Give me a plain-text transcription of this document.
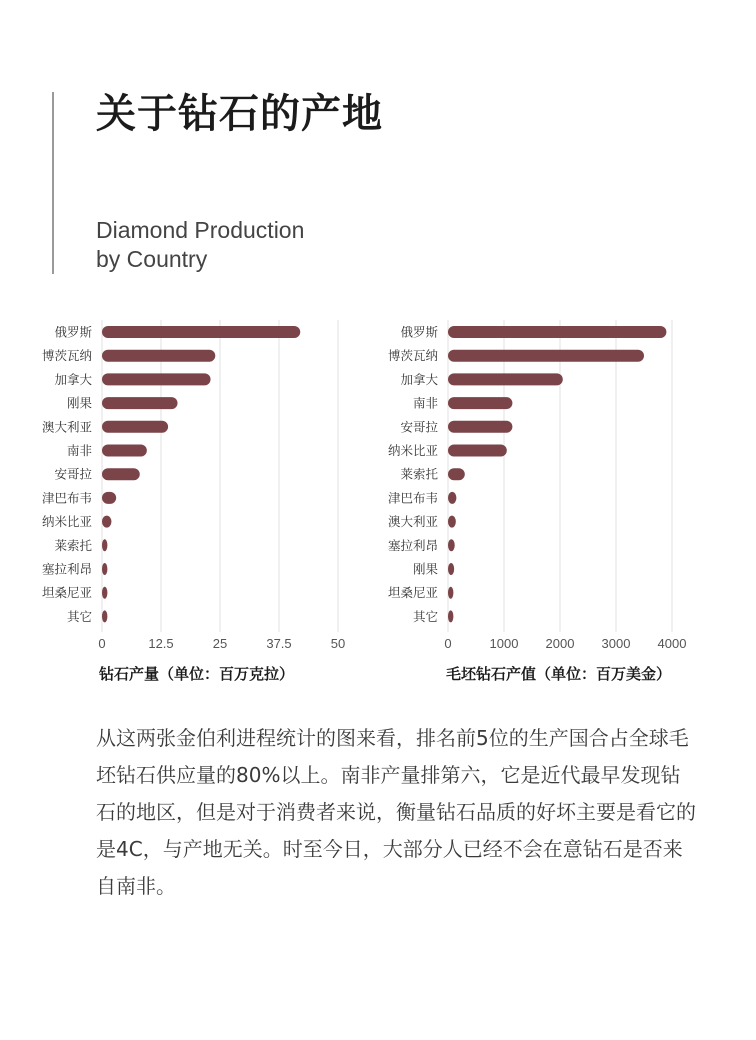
关于钻石的产地
Diamond Production
by Country
0	12.5	25	37.5	50
俄罗斯
博茨瓦纳
加拿大
刚果
澳大利亚
南非
安哥拉
津巴布韦
纳米比亚
莱索托
塞拉利昂
坦桑尼亚
其它
钻石产量（单位：百万克拉）
0	1000 2000 3000 4000
俄罗斯
博茨瓦纳
加拿大
南非
安哥拉
纳米比亚
莱索托
津巴布韦
澳大利亚
塞拉利昂
刚果
坦桑尼亚
其它
毛坯钻石产值（单位：百万美金）

从这两张金伯利进程统计的图来看，排名前5位的生产国合占全球毛坯钻石供应量的80%以上。南非产量排第六，它是近代最早发现钻石的地区，但是对于消费者来说，衡量钻石品质的好坏主要是看它的是4C，与产地无关。时至今日，大部分人已经不会在意钻石是否来自南非。
